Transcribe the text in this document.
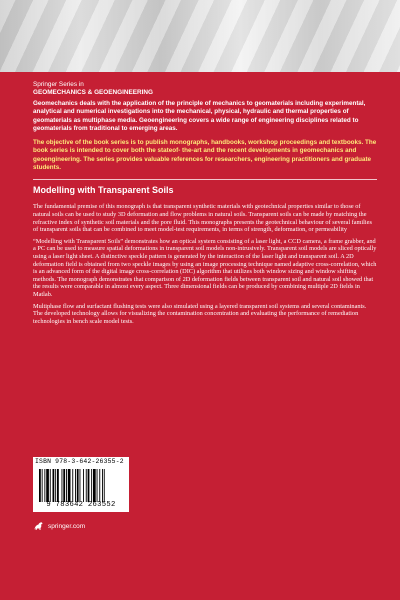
Springer Series in
GEOMECHANICS & GEOENGINEERING
Geomechanics deals with the application of the principle of mechanics to geomaterials including experimental, analytical and numerical investigations into the mechanical, physical, hydraulic and thermal properties of geomaterials as multiphase media. Geoengineering covers a wide range of engineering disciplines related to geomaterials from traditional to emerging areas.
The objective of the book series is to publish monographs, handbooks, workshop proceedings and textbooks. The book series is intended to cover both the stateof- the-art and the recent developments in geomechanics and geoengineering. The series provides valuable references for researchers, engineering practitioners and graduate students.
Modelling with Transparent Soils
The fundamental premise of this monograph is that transparent synthetic materials with geotechnical properties similar to those of natural soils can be used to study 3D deformation and flow problems in natural soils. Transparent soils can be made by matching the refractive index of synthetic soil materials and the pore fluid. This monographs presents the geotechnical behaviour of several families of transparent soils that can be combined to meet model-test requirements, in terms of strength, deformation, or permeability
“Modelling with Transparent Soils” demonstrates how an optical system consisting of a laser light, a CCD camera, a frame grabber, and a PC can be used to measure spatial deformations in transparent soil models non-intrusively. Transparent soil models are sliced optically using a laser light sheet. A distinctive speckle pattern is generated by the interaction of the laser light and transparent soil. A 2D deformation field is obtained from two speckle images by using an image processing technique named adaptive cross-correlation, which is an advanced form of the digital image cross-correlation (DIC) algorithm that utilizes both window sizing and window shifting methods. The monograph demonstrates that comparison of 2D deformation fields between transparent soil and natural soil showed that the results were comparable in almost every aspect. Three dimensional fields can be produced by combining multiple 2D fields in Matlab.
Multiphase flow and surfactant flushing tests were also simulated using a layered transparent soil systems and several contaminants. The developed technology allows for visualizing the contamination concentration and evaluating the performance of remediation technologies in bench scale model tests.
ISBN 978-3-642-26355-2
9 783642 263552
springer.com
